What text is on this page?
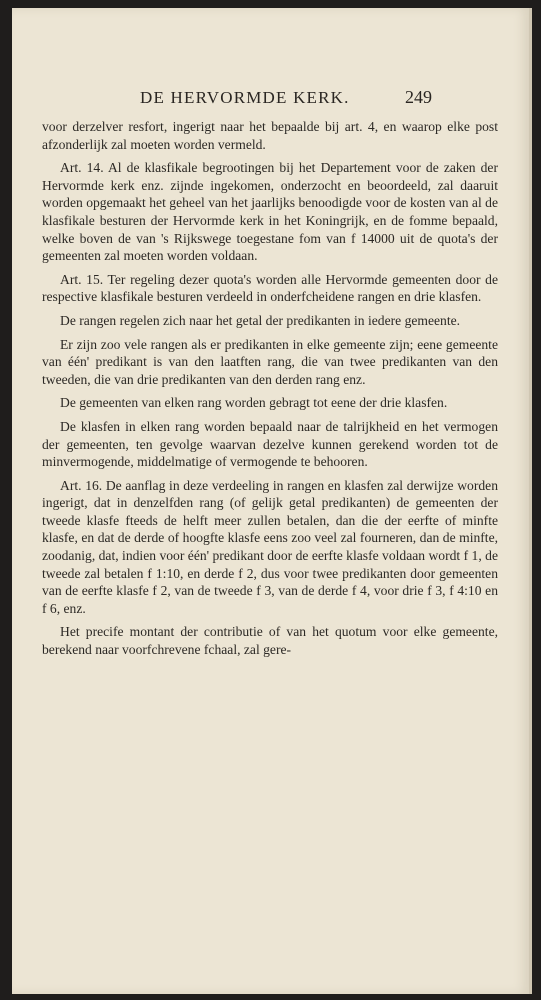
DE HERVORMDE KERK.	249

voor derzelver resfort, ingerigt naar het bepaalde bij art. 4, en waarop elke post afzonderlijk zal moeten worden vermeld.

Art. 14. Al de klasfikale begrootingen bij het Departement voor de zaken der Hervormde kerk enz. zijnde ingekomen, onderzocht en beoordeeld, zal daaruit worden opgemaakt het geheel van het jaarlijks benoodigde voor de kosten van al de klasfikale besturen der Hervormde kerk in het Koningrijk, en de fomme bepaald, welke boven de van 's Rijkswege toegestane fom van f 14000 uit de quota's der gemeenten zal moeten worden voldaan.

Art. 15. Ter regeling dezer quota's worden alle Hervormde gemeenten door de respective klasfikale besturen verdeeld in onderfcheidene rangen en drie klasfen.

De rangen regelen zich naar het getal der predikanten in iedere gemeente.

Er zijn zoo vele rangen als er predikanten in elke gemeente zijn; eene gemeente van één' predikant is van den laatften rang, die van twee predikanten van den tweeden, die van drie predikanten van den derden rang enz.

De gemeenten van elken rang worden gebragt tot eene der drie klasfen.

De klasfen in elken rang worden bepaald naar de talrijkheid en het vermogen der gemeenten, ten gevolge waarvan dezelve kunnen gerekend worden tot de minvermogende, middelmatige of vermogende te behooren.

Art. 16. De aanflag in deze verdeeling in rangen en klasfen zal derwijze worden ingerigt, dat in denzelfden rang (of gelijk getal predikanten) de gemeenten der tweede klasfe fteeds de helft meer zullen betalen, dan die der eerfte of minfte klasfe, en dat de derde of hoogfte klasfe eens zoo veel zal fourneren, dan de minfte, zoodanig, dat, indien voor één' predikant door de eerfte klasfe voldaan wordt f 1, de tweede zal betalen f 1:10, en derde f 2, dus voor twee predikanten door gemeenten van de eerfte klasfe f 2, van de tweede f 3, van de derde f 4, voor drie f 3, f 4:10 en f 6, enz.

Het precife montant der contributie of van het quotum voor elke gemeente, berekend naar voorfchrevene fchaal, zal gere-
